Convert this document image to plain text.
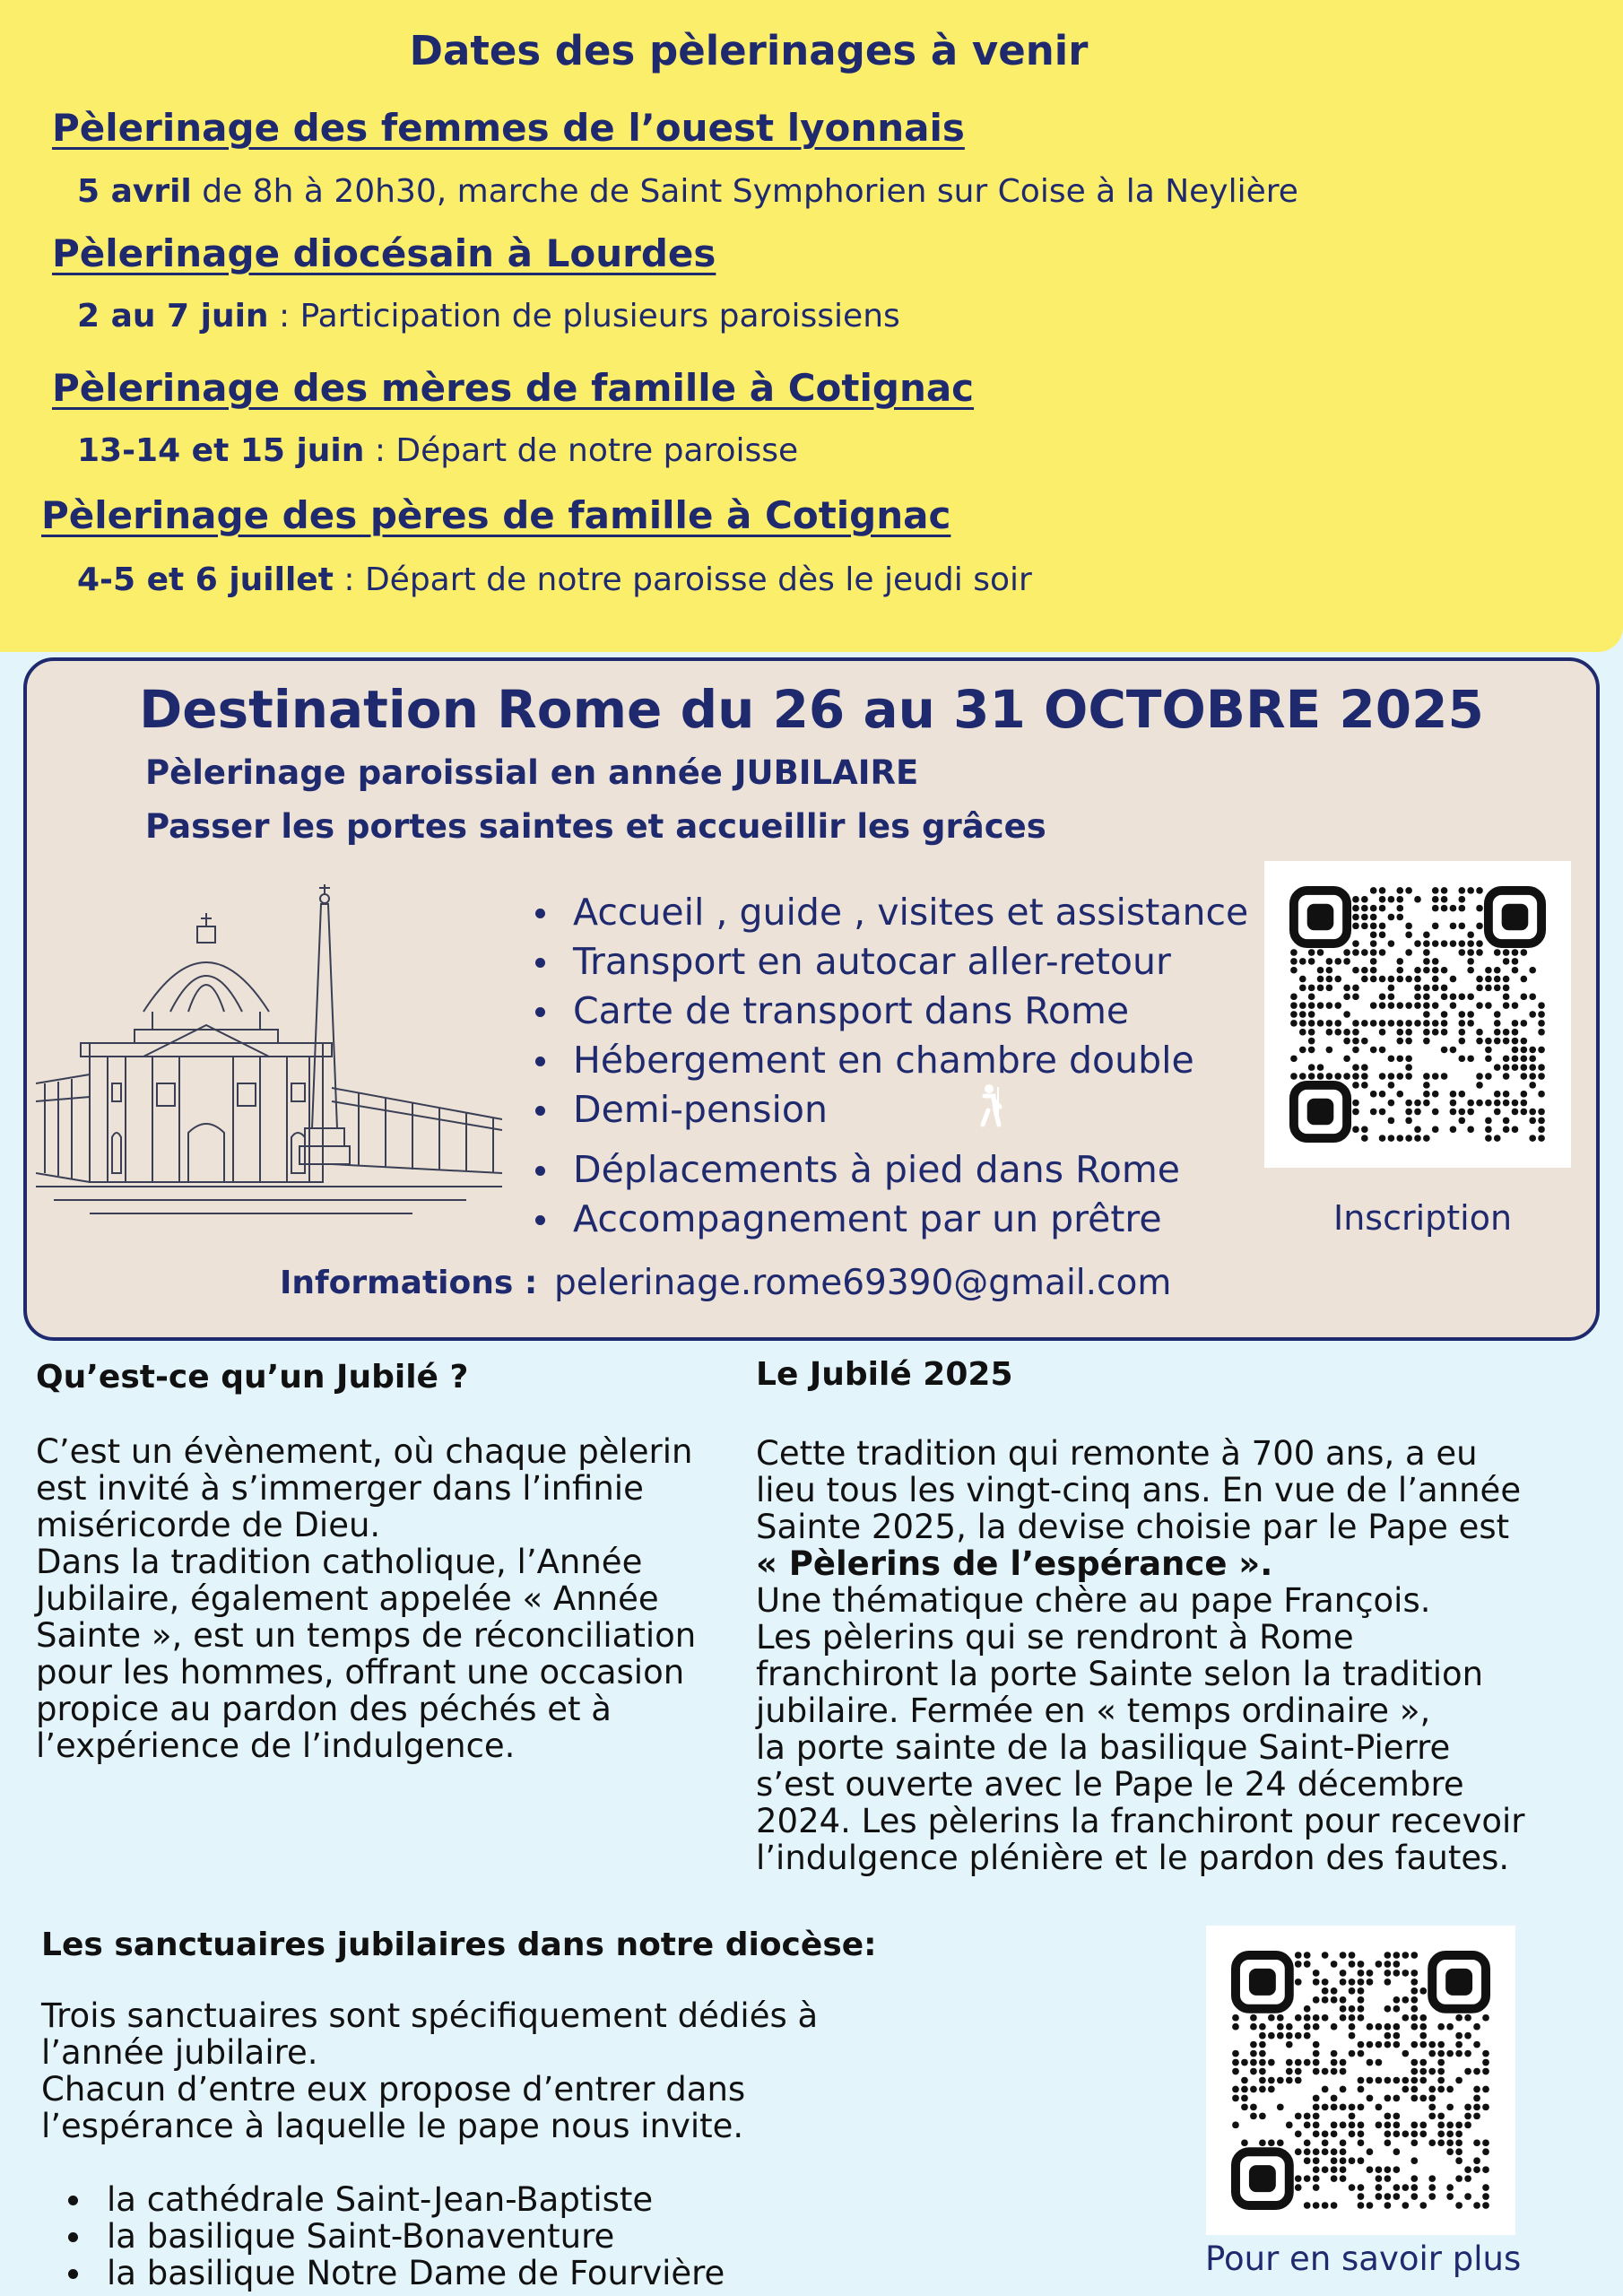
Dates des pèlerinages à venir
Pèlerinage des femmes de l’ouest lyonnais
5 avril de 8h à 20h30, marche de Saint Symphorien sur Coise à la Neylière
Pèlerinage diocésain à Lourdes
2 au 7 juin : Participation de plusieurs paroissiens
Pèlerinage des mères de famille à Cotignac
13-14 et 15 juin : Départ de notre paroisse
Pèlerinage des pères de famille à Cotignac
4-5 et 6 juillet : Départ de notre paroisse dès le jeudi soir
Destination Rome du 26 au 31 OCTOBRE 2025
Pèlerinage paroissial en année JUBILAIRE
Passer les portes saintes et accueillir les grâces
Accueil , guide , visites et assistance
Transport en autocar aller-retour
Carte de transport dans Rome
Hébergement en chambre double
Demi-pension
Déplacements à pied dans Rome
Accompagnement par un prêtre	Inscription
Informations : pelerinage.rome69390@gmail.com
Qu’est-ce qu’un Jubilé ?

C’est un évènement, où chaque pèlerin

est invité à s’immerger dans l’infinie

miséricorde de Dieu.

Dans la tradition catholique, l’Année

Jubilaire, également appelée « Année

Sainte », est un temps de réconciliation

pour les hommes, offrant une occasion

propice au pardon des péchés et à

l’expérience de l’indulgence.

Le Jubilé 2025

Cette tradition qui remonte à 700 ans, a eu

lieu tous les vingt-cinq ans. En vue de l’année

Sainte 2025, la devise choisie par le Pape est

« Pèlerins de l’espérance ».

Une thématique chère au pape François.

Les pèlerins qui se rendront à Rome

franchiront la porte Sainte selon la tradition

jubilaire. Fermée en « temps ordinaire »,

la porte sainte de la basilique Saint-Pierre

s’est ouverte avec le Pape le 24 décembre

2024. Les pèlerins la franchiront pour recevoir

l’indulgence plénière et le pardon des fautes.

Les sanctuaires jubilaires dans notre diocèse:

Trois sanctuaires sont spécifiquement dédiés à

l’année jubilaire.

Chacun d’entre eux propose d’entrer dans

l’espérance à laquelle le pape nous invite.

la cathédrale Saint-Jean-Baptiste
la basilique Saint-Bonaventure
la basilique Notre Dame de Fourvière	Pour en savoir plus
